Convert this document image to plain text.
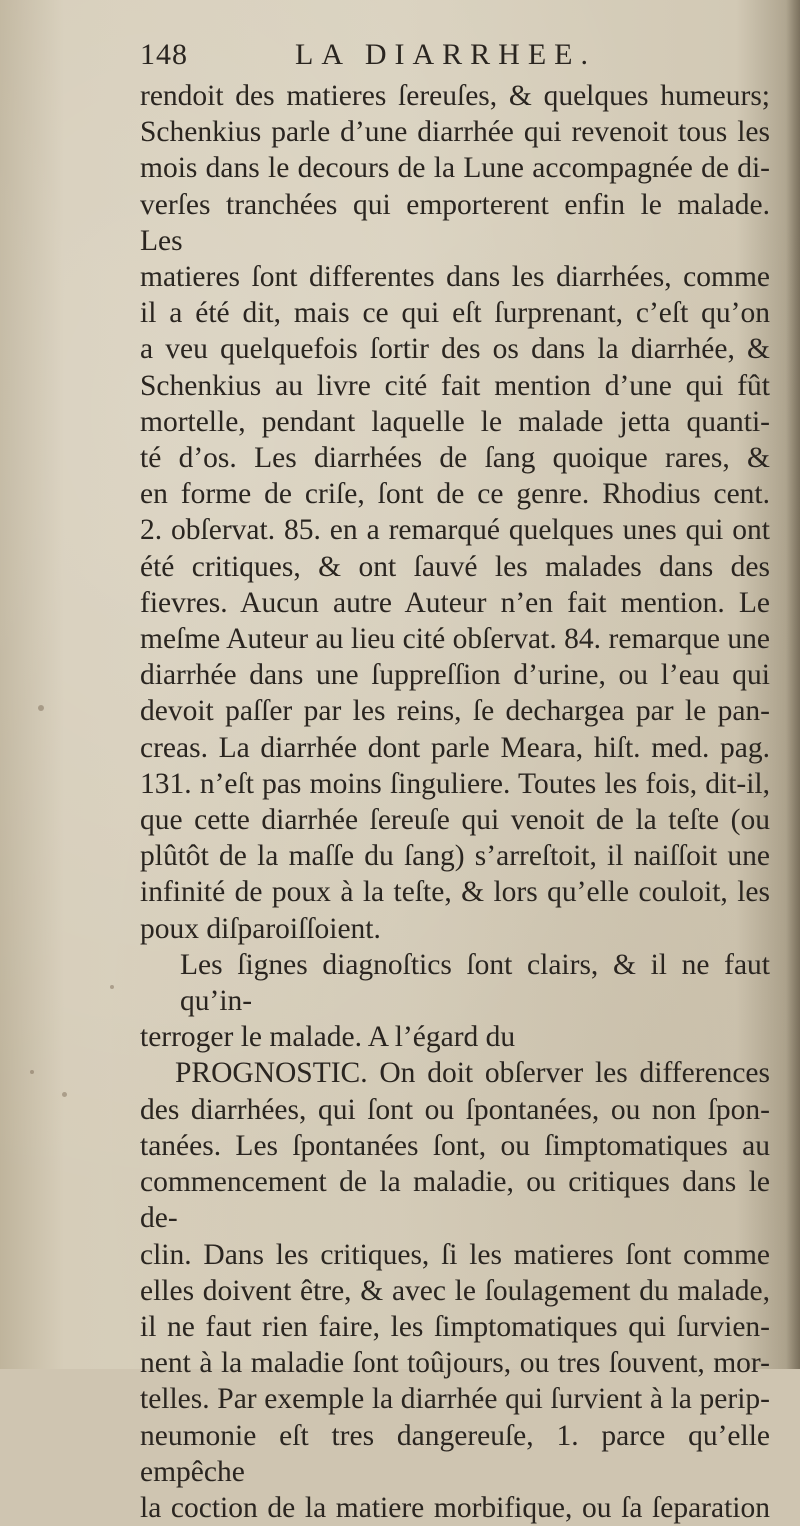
148	LA DIARRHEE.
rendoit des matieres ſereuſes, & quelques humeurs;
Schenkius parle d’une diarrhée qui revenoit tous les
mois dans le decours de la Lune accompagnée de di-
verſes tranchées qui emporterent enfin le malade. Les
matieres ſont differentes dans les diarrhées, comme
il a été dit, mais ce qui eſt ſurprenant, c’eſt qu’on
a veu quelquefois ſortir des os dans la diarrhée, &
Schenkius au livre cité fait mention d’une qui fût
mortelle, pendant laquelle le malade jetta quanti-
té d’os. Les diarrhées de ſang quoique rares, &
en forme de criſe, ſont de ce genre. Rhodius cent.
2. obſervat. 85. en a remarqué quelques unes qui ont
été critiques, & ont ſauvé les malades dans des
fievres. Aucun autre Auteur n’en fait mention. Le
meſme Auteur au lieu cité obſervat. 84. remarque une
diarrhée dans une ſuppreſſion d’urine, ou l’eau qui
devoit paſſer par les reins, ſe dechargea par le pan-
creas. La diarrhée dont parle Meara, hiſt. med. pag.
131. n’eſt pas moins ſinguliere. Toutes les fois, dit-il,
que cette diarrhée ſereuſe qui venoit de la teſte (ou
plûtôt de la maſſe du ſang) s’arreſtoit, il naiſſoit une
infinité de poux à la teſte, & lors qu’elle couloit, les
poux diſparoiſſoient.
Les ſignes diagnoſtics ſont clairs, & il ne faut qu’in-
terroger le malade. A l’égard du
PROGNOSTIC. On doit obſerver les differences
des diarrhées, qui ſont ou ſpontanées, ou non ſpon-
tanées. Les ſpontanées ſont, ou ſimptomatiques au
commencement de la maladie, ou critiques dans le de-
clin. Dans les critiques, ſi les matieres ſont comme
elles doivent être, & avec le ſoulagement du malade,
il ne faut rien faire, les ſimptomatiques qui ſurvien-
nent à la maladie ſont toûjours, ou tres ſouvent, mor-
telles. Par exemple la diarrhée qui ſurvient à la perip-
neumonie eſt tres dangereuſe, 1. parce qu’elle empêche
la coction de la matiere morbifique, ou ſa ſeparation
